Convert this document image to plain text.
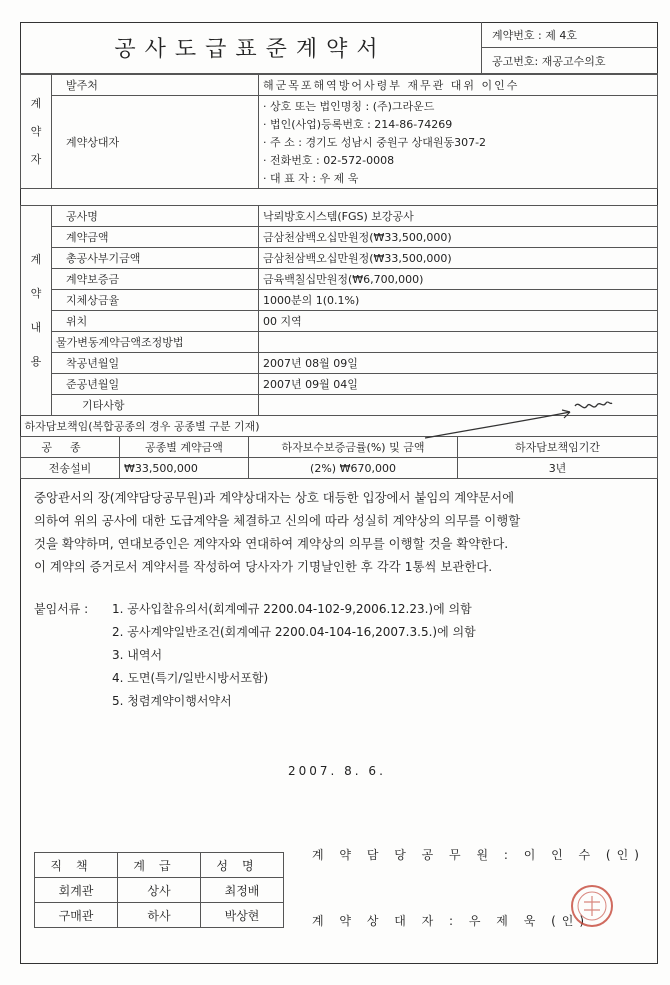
공사도급표준계약서
계약번호 : 제 4호
공고번호: 재공고수의호
계
약
자	발주처	해군목포해역방어사령부 재무관 대위 이인수
	계약상대자	· 상호 또는 법인명칭 : (주)그라운드
· 법인(사업)등록번호 : 214-86-74269
· 주 소 : 경기도 성남시 중원구 상대원동307-2
· 전화번호 : 02-572-0008
· 대 표 자 : 우 제 욱
계
약
내
용	공사명	낙뢰방호시스템(FGS) 보강공사
	계약금액	금삼천삼백오십만원정(₩33,500,000)
	총공사부기금액	금삼천삼백오십만원정(₩33,500,000)
	계약보증금	금육백칠십만원정(₩6,700,000)
	지체상금율	1000분의 1(0.1%)
	위치	00 지역
	물가변동계약금액조정방법	
	착공년월일	2007년 08월 09일
	준공년월일	2007년 09월 04일
	기타사항	
하자담보책임(복합공종의 경우 공종별 구분 기재)			
공종	공종별 계약금액	하자보수보증금률(%) 및 금액	하자담보책임기간
전송설비	₩33,500,000	(2%) ₩670,000	3년
중앙관서의 장(계약담당공무원)과 계약상대자는 상호 대등한 입장에서 붙임의 계약문서에
의하여 위의 공사에 대한 도급계약을 체결하고 신의에 따라 성실히 계약상의 의무를 이행할
것을 확약하며, 연대보증인은 계약자와 연대하여 계약상의 의무를 이행할 것을 확약한다.
이 계약의 증거로서 계약서를 작성하여 당사자가 기명날인한 후 각각 1통씩 보관한다.
붙임서류 : 1. 공사입찰유의서(회계예규 2200.04-102-9,2006.12.23.)에 의함
2. 공사계약일반조건(회계예규 2200.04-104-16,2007.3.5.)에 의함
3. 내역서
4. 도면(특기/일반시방서포함)
5. 청렴계약이행서약서
2007. 8. 6.
계 약 담 당 공 무 원 : 이 인 수 (인)
계 약 상 대 자 : 우 제 욱 (인)
직책	계급	성명
회계관	상사	최정배
구매관	하사	박상현
